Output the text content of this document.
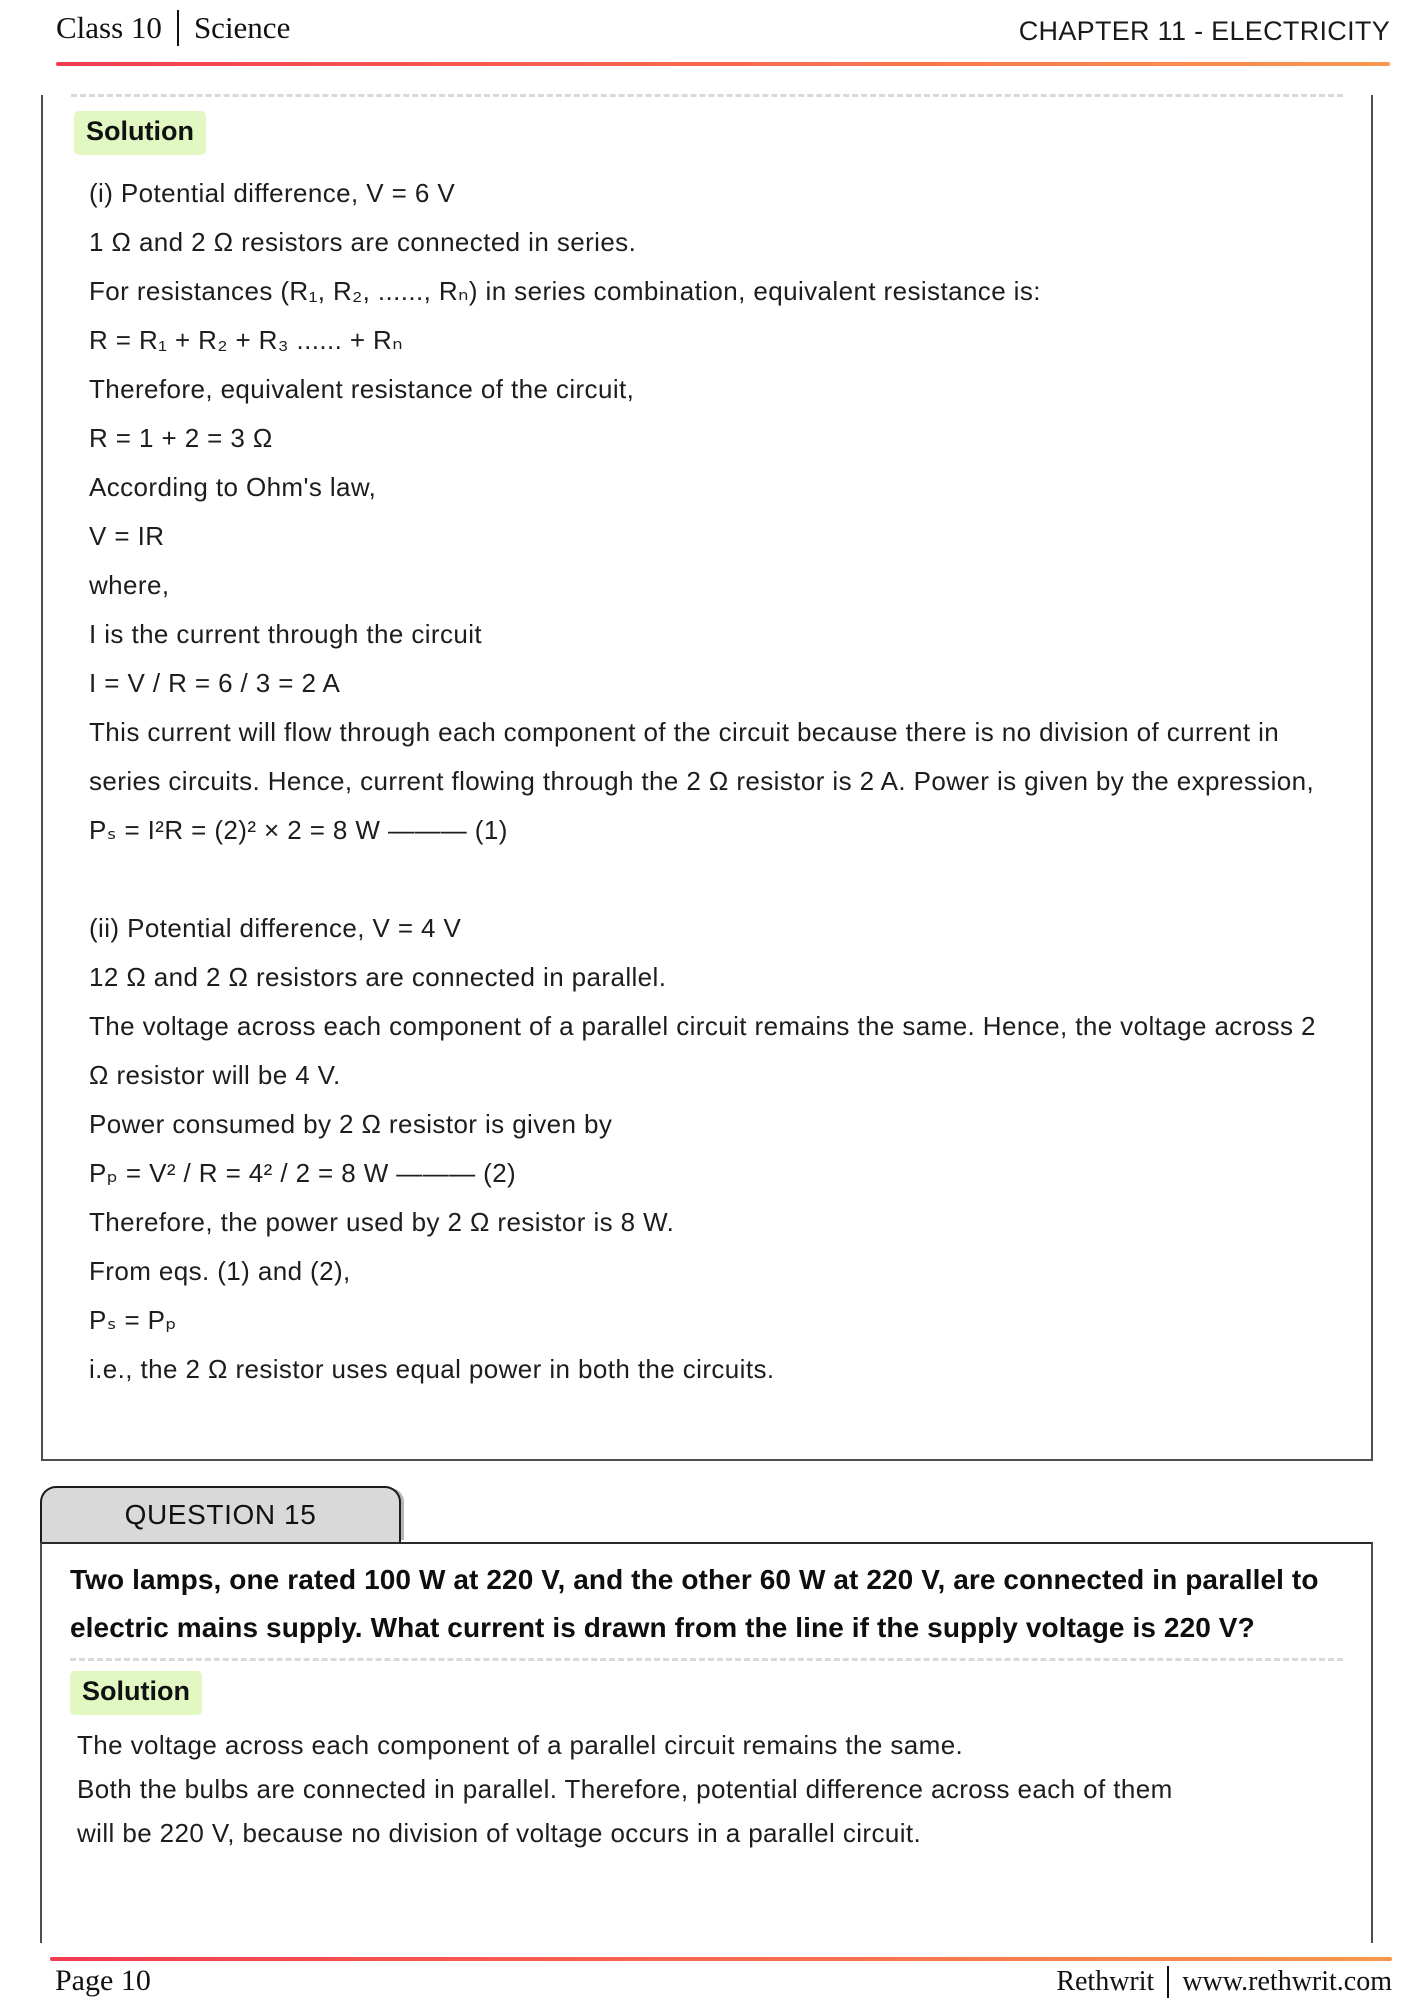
Class 10 Science	CHAPTER 11 - ELECTRICITY
Solution

(i) Potential difference, V = 6 V

1 Ω and 2 Ω resistors are connected in series.

For resistances (R₁, R₂, ......, Rₙ) in series combination, equivalent resistance is:

R = R₁ + R₂ + R₃ ...... + Rₙ

Therefore, equivalent resistance of the circuit,

R = 1 + 2 = 3 Ω

According to Ohm's law,

V = IR

where,

I is the current through the circuit

I = V / R = 6 / 3 = 2 A

This current will flow through each component of the circuit because there is no division of current in series circuits. Hence, current flowing through the 2 Ω resistor is 2 A. Power is given by the expression,

Pₛ = I²R = (2)² × 2 = 8 W ——— (1)

(ii) Potential difference, V = 4 V

12 Ω and 2 Ω resistors are connected in parallel.

The voltage across each component of a parallel circuit remains the same. Hence, the voltage across 2 Ω resistor will be 4 V.

Power consumed by 2 Ω resistor is given by

Pₚ = V² / R = 4² / 2 = 8 W ——— (2)

Therefore, the power used by 2 Ω resistor is 8 W.

From eqs. (1) and (2),

Pₛ = Pₚ

i.e., the 2 Ω resistor uses equal power in both the circuits.

QUESTION 15
Two lamps, one rated 100 W at 220 V, and the other 60 W at 220 V, are connected in parallel to electric mains supply. What current is drawn from the line if the supply voltage is 220 V?
Solution

The voltage across each component of a parallel circuit remains the same.

Both the bulbs are connected in parallel. Therefore, potential difference across each of them will be 220 V, because no division of voltage occurs in a parallel circuit.

Page 10	Rethwrit www.rethwrit.com
